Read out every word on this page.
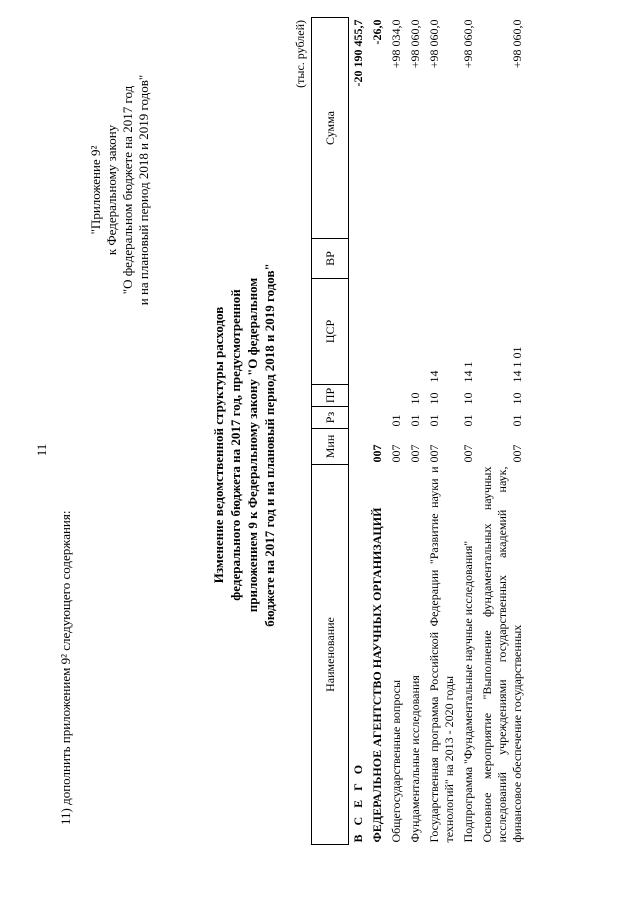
11
11) дополнить приложением 9² следующего содержания:
"Приложение 9² к Федеральному закону "О федеральном бюджете на 2017 год и на плановый период 2018 и 2019 годов"
Изменение ведомственной структуры расходов федерального бюджета на 2017 год, предусмотренной приложением 9 к Федеральному закону "О федеральном бюджете на 2017 год и на плановый период 2018 и 2019 годов"
(тыс. рублей)
Наименование	Мин	Рз	ПР	ЦСР	ВР	Сумма
В С Е Г О						-20 190 455,7
ФЕДЕРАЛЬНОЕ АГЕНТСТВО НАУЧНЫХ ОРГАНИЗАЦИЙ	007					-26,0
Общегосударственные вопросы	007	01				+98 034,0
Фундаментальные исследования	007	01	10			+98 060,0
Государственная программа Российской Федерации "Развитие науки и технологий" на 2013 - 2020 годы	007	01	10	14		+98 060,0
Подпрограмма "Фундаментальные научные исследования"	007	01	10	14 1		+98 060,0
Основное мероприятие "Выполнение фундаментальных научных исследований учреждениями государственных академий наук, финансовое обеспечение государственных	007	01	10	14 1 01		+98 060,0
